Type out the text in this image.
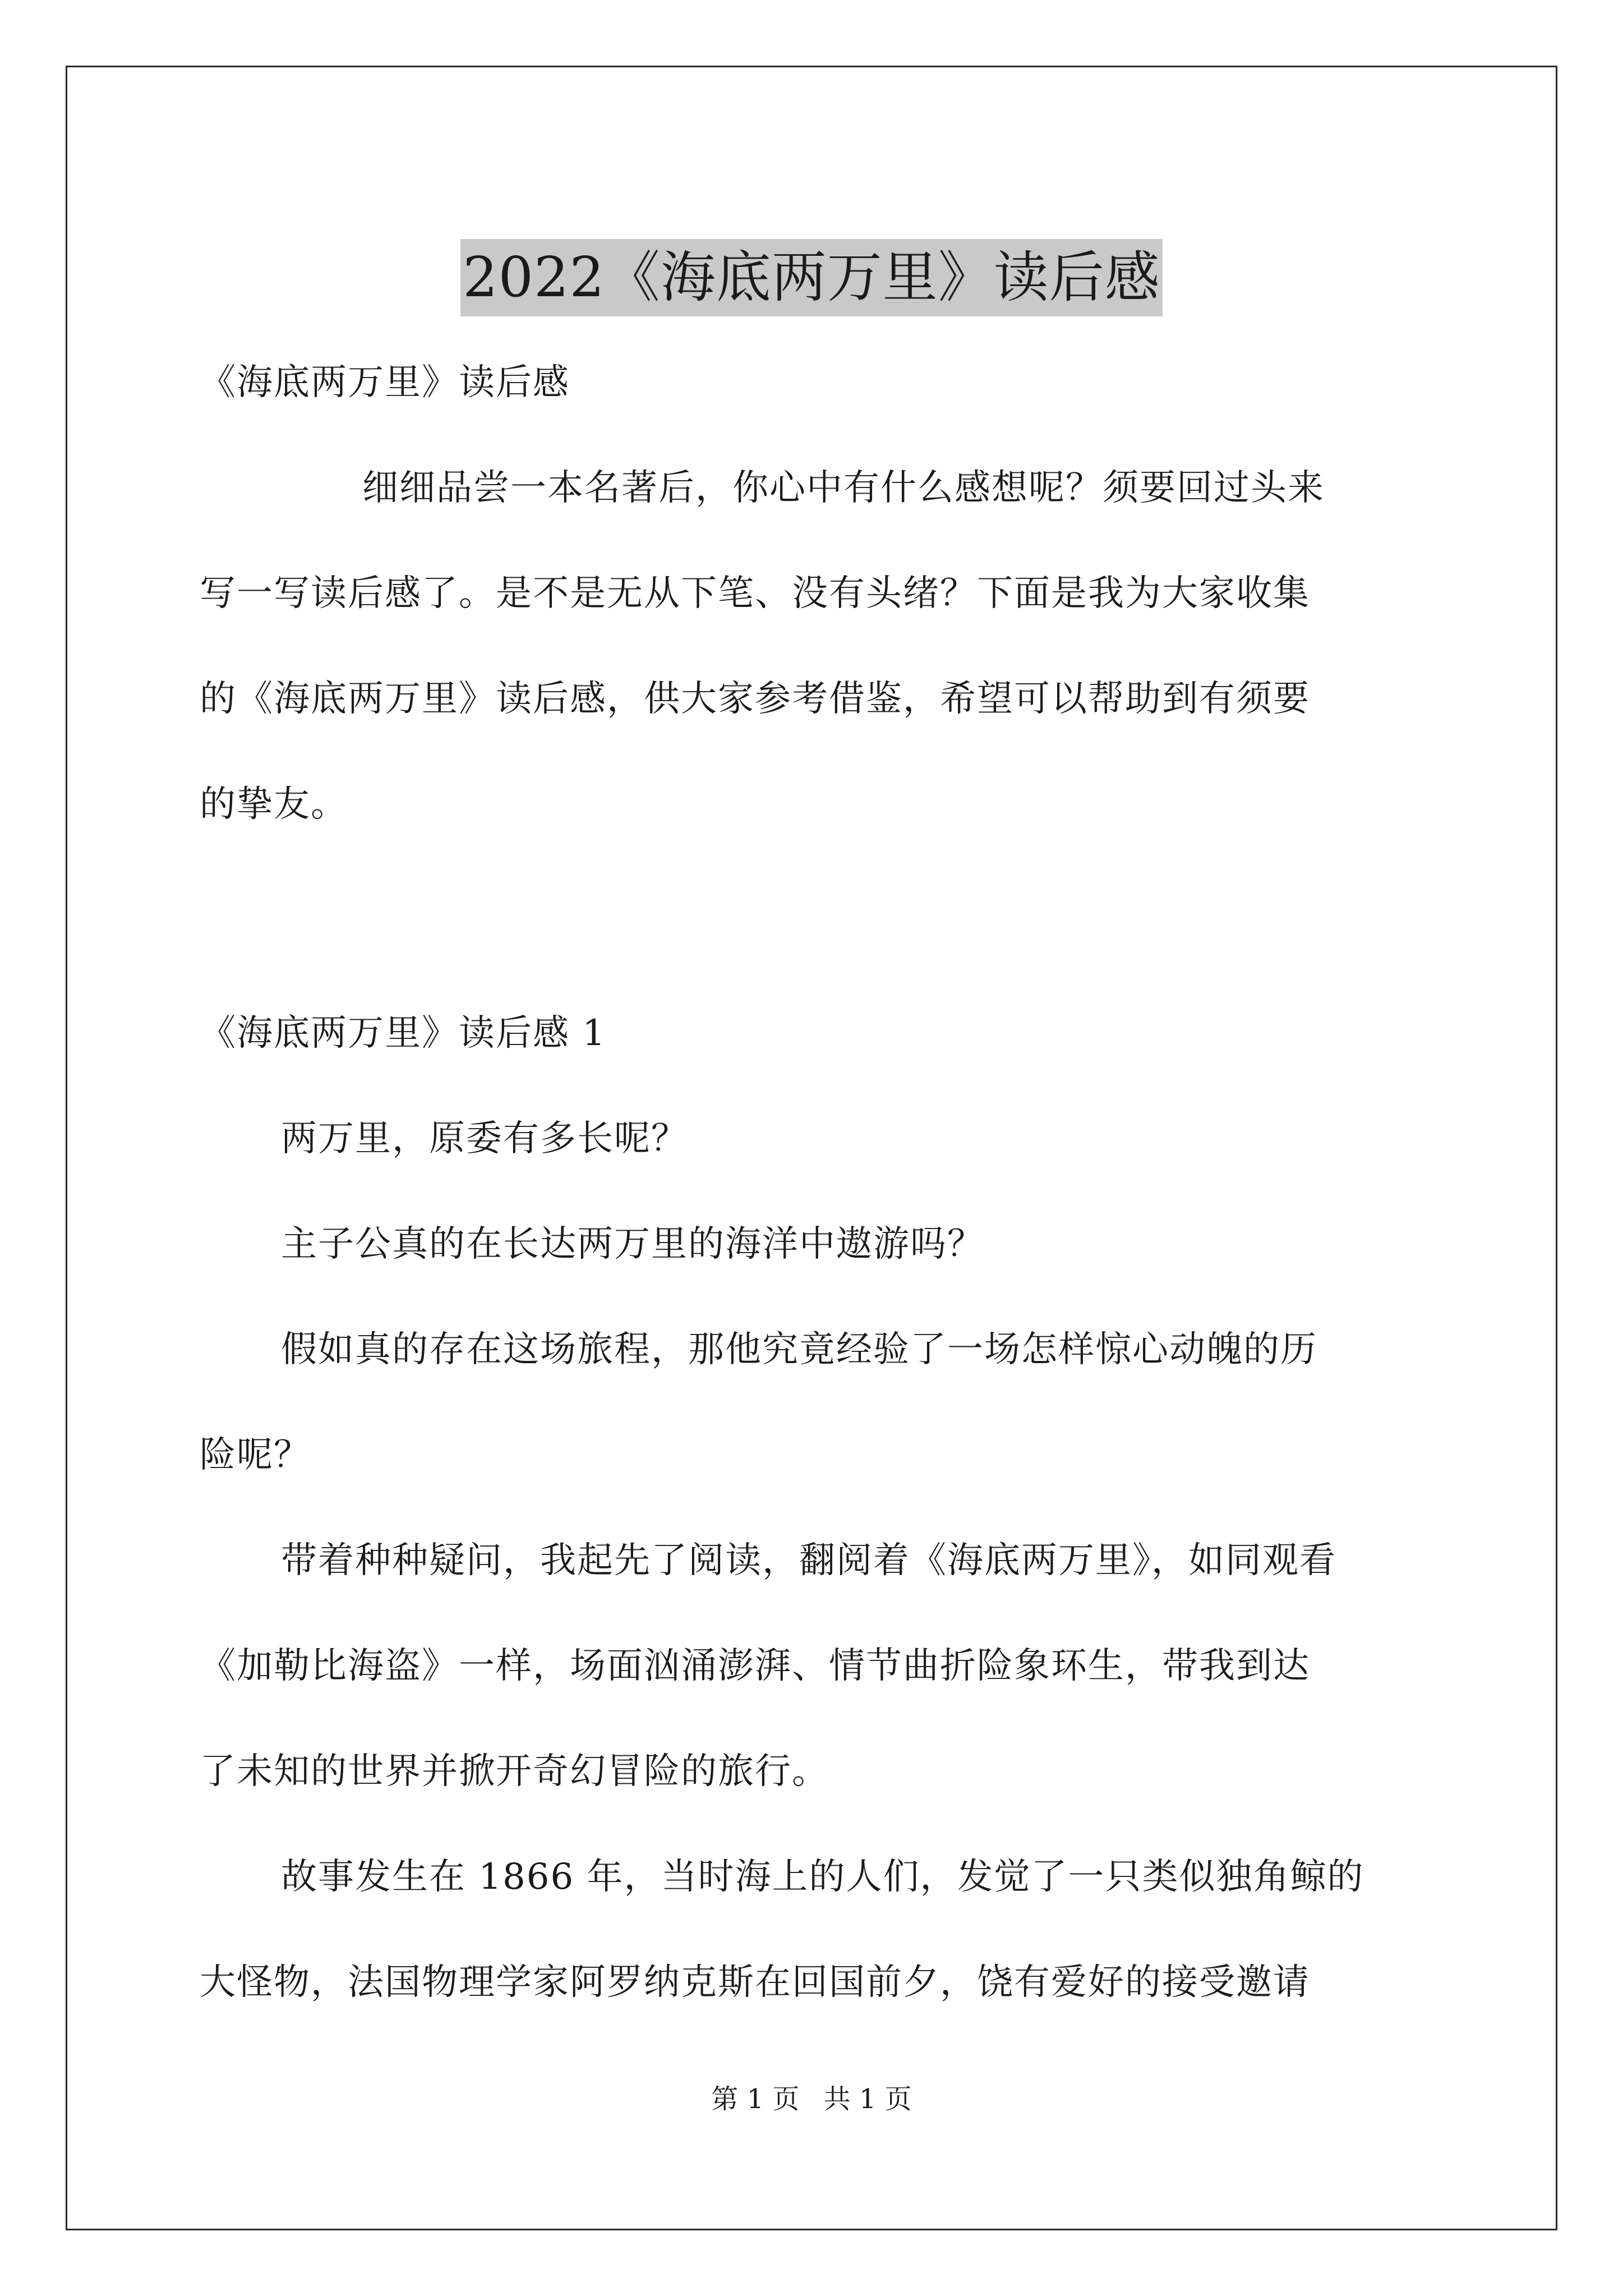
2022《海底两万里》读后感
《海底两万里》读后感
细细品尝一本名著后，你心中有什么感想呢？须要回过头来
写一写读后感了。是不是无从下笔、没有头绪？下面是我为大家收集
的《海底两万里》读后感，供大家参考借鉴，希望可以帮助到有须要
的挚友。
《海底两万里》读后感 1
两万里，原委有多长呢？
主子公真的在长达两万里的海洋中遨游吗？
假如真的存在这场旅程，那他究竟经验了一场怎样惊心动魄的历
险呢？
带着种种疑问，我起先了阅读，翻阅着《海底两万里》，如同观看
《加勒比海盗》一样，场面汹涌澎湃、情节曲折险象环生，带我到达
了未知的世界并掀开奇幻冒险的旅行。
故事发生在 1866 年，当时海上的人们，发觉了一只类似独角鲸的
大怪物，法国物理学家阿罗纳克斯在回国前夕，饶有爱好的接受邀请
第 1 页 共 1 页
